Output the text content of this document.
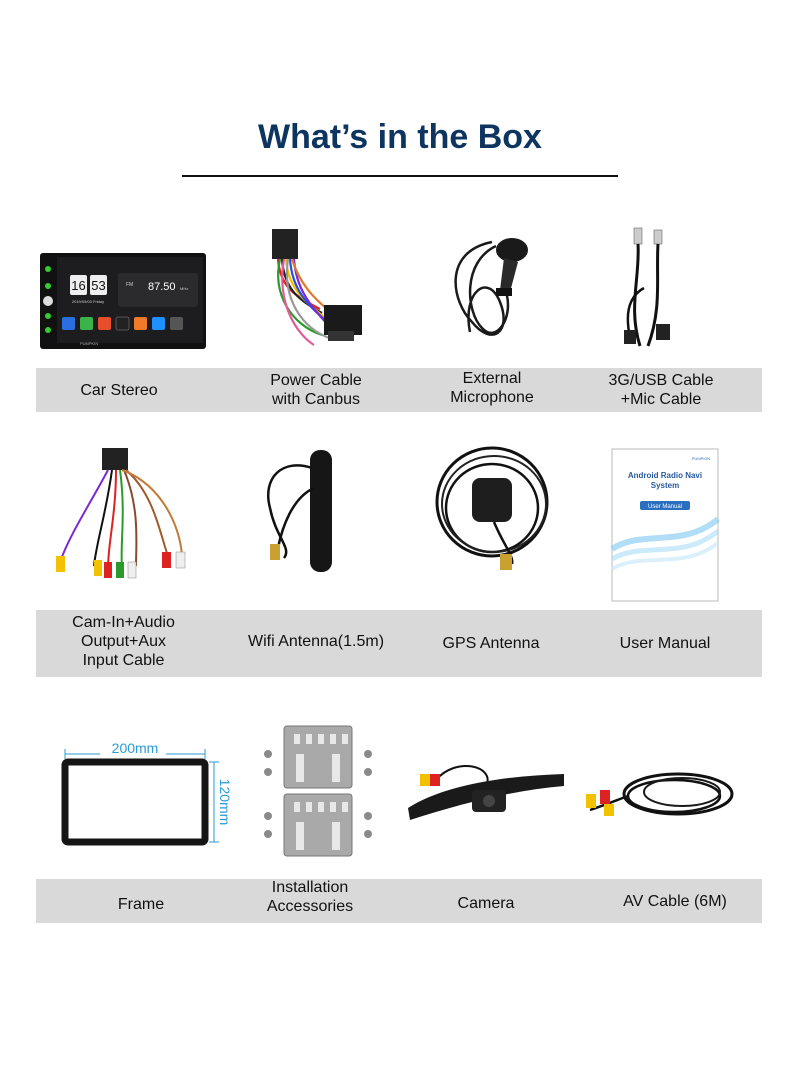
What’s in the Box
16 53
2019/09/03 Friday
FM 87.50 MHz
PUMPKIN
Car Stereo
Power Cable
with Canbus
External
Microphone
3G/USB Cable
+Mic Cable
PUMPKIN
Android Radio Navi System
User Manual
Cam-In+Audio
Output+Aux
Input Cable
Wifi Antenna(1.5m)	GPS Antenna	User Manual
200mm
120mm
Frame
Installation
Accessories	Camera	AV Cable (6M)
